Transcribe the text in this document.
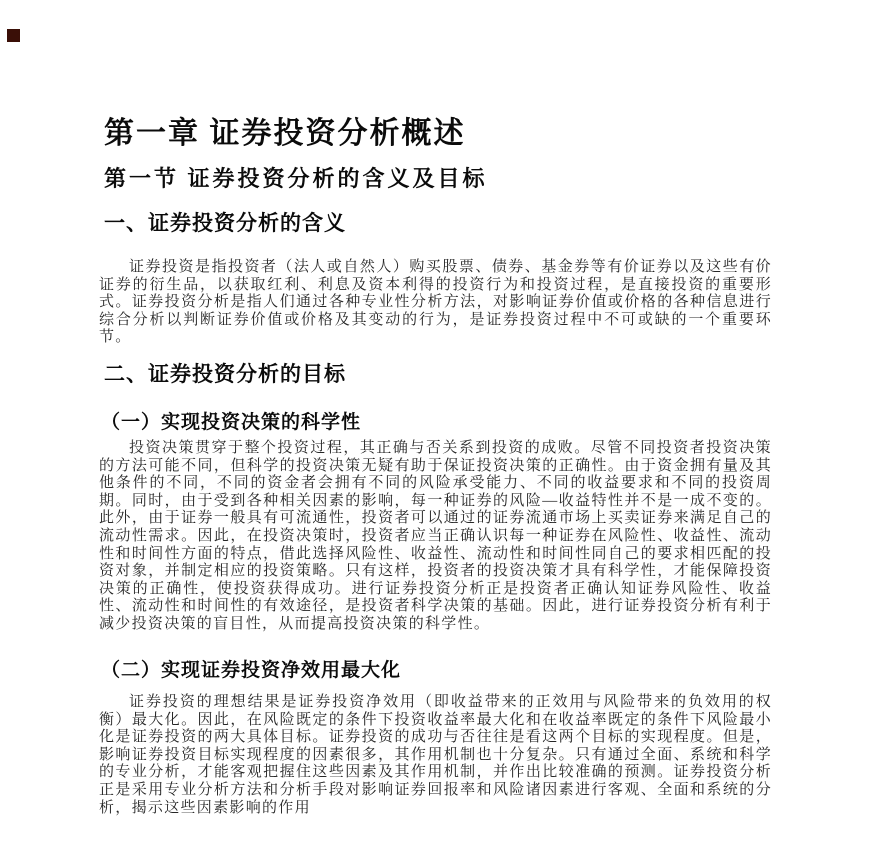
第一章 证券投资分析概述
第一节 证券投资分析的含义及目标
一、证券投资分析的含义

证券投资是指投资者（法人或自然人）购买股票、债券、基金券等有价证券以及这些有价证券的衍生品，以获取红利、利息及资本利得的投资行为和投资过程，是直接投资的重要形式。证券投资分析是指人们通过各种专业性分析方法，对影响证券价值或价格的各种信息进行综合分析以判断证券价值或价格及其变动的行为，是证券投资过程中不可或缺的一个重要环节。

二、证券投资分析的目标
（一）实现投资决策的科学性

投资决策贯穿于整个投资过程，其正确与否关系到投资的成败。尽管不同投资者投资决策的方法可能不同，但科学的投资决策无疑有助于保证投资决策的正确性。由于资金拥有量及其他条件的不同，不同的资金者会拥有不同的风险承受能力、不同的收益要求和不同的投资周期。同时，由于受到各种相关因素的影响，每一种证券的风险—收益特性并不是一成不变的。此外，由于证券一般具有可流通性，投资者可以通过的证券流通市场上买卖证券来满足自己的流动性需求。因此，在投资决策时，投资者应当正确认识每一种证券在风险性、收益性、流动性和时间性方面的特点，借此选择风险性、收益性、流动性和时间性同自己的要求相匹配的投资对象，并制定相应的投资策略。只有这样，投资者的投资决策才具有科学性，才能保障投资决策的正确性，使投资获得成功。进行证券投资分析正是投资者正确认知证券风险性、收益性、流动性和时间性的有效途径，是投资者科学决策的基础。因此，进行证券投资分析有利于减少投资决策的盲目性，从而提高投资决策的科学性。

（二）实现证券投资净效用最大化

证券投资的理想结果是证券投资净效用（即收益带来的正效用与风险带来的负效用的权衡）最大化。因此，在风险既定的条件下投资收益率最大化和在收益率既定的条件下风险最小化是证券投资的两大具体目标。证券投资的成功与否往往是看这两个目标的实现程度。但是，影响证券投资目标实现程度的因素很多，其作用机制也十分复杂。只有通过全面、系统和科学的专业分析，才能客观把握住这些因素及其作用机制，并作出比较准确的预测。证券投资分析正是采用专业分析方法和分析手段对影响证券回报率和风险诸因素进行客观、全面和系统的分析，揭示这些因素影响的作用
